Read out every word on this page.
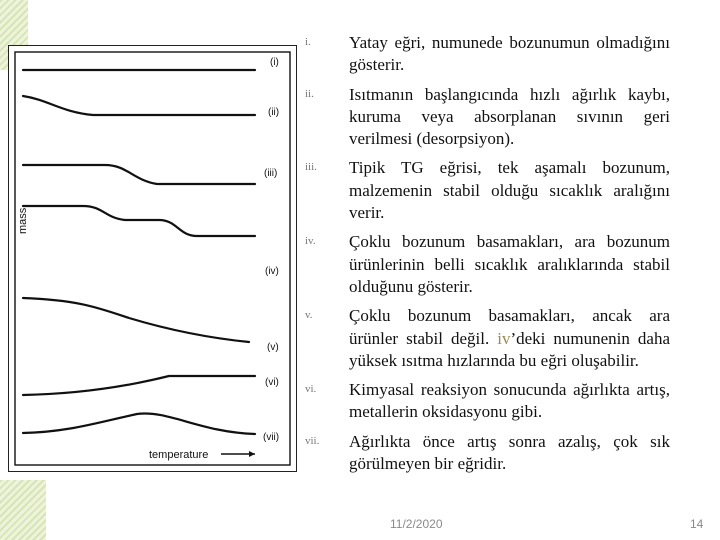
(i)
(ii)
(iii)
(iv)
(v)
(vi)
(vii)
mass
temperature
i.	Yatay eğri, numunede bozunumun olmadığını gösterir.
ii.	Isıtmanın başlangıcında hızlı ağırlık kaybı, kuruma veya absorplanan sıvının geri verilmesi (desorpsiyon).
iii.	Tipik TG eğrisi, tek aşamalı bozunum, malzemenin stabil olduğu sıcaklık aralığını verir.
iv.	Çoklu bozunum basamakları, ara bozunum ürünlerinin belli sıcaklık aralıklarında stabil olduğunu gösterir.
v.	Çoklu bozunum basamakları, ancak ara ürünler stabil değil. iv’deki numunenin daha yüksek ısıtma hızlarında bu eğri oluşabilir.
vi.	Kimyasal reaksiyon sonucunda ağırlıkta artış, metallerin oksidasyonu gibi.
vii.	Ağırlıkta önce artış sonra azalış, çok sık görülmeyen bir eğridir.
11/2/2020	14
